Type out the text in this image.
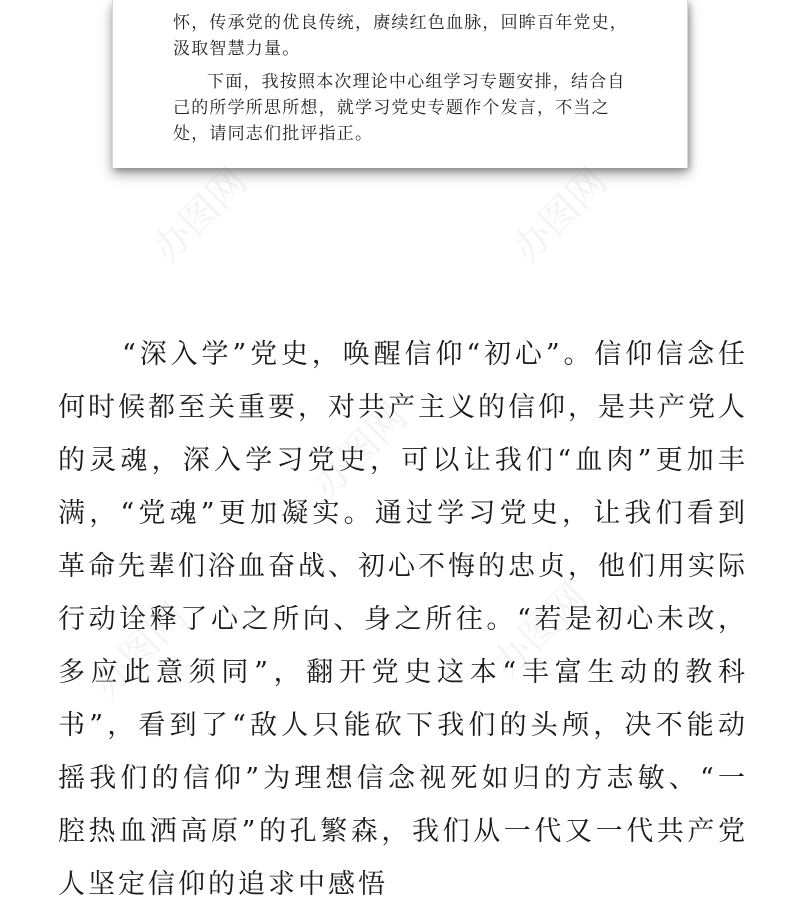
怀，传承党的优良传统，赓续红色血脉，回眸百年党史，

汲取智慧力量。

下面，我按照本次理论中心组学习专题安排，结合自己的所学所思所想，就学习党史专题作个发言，不当之处，请同志们批评指正。

“深入学”党史，唤醒信仰“初心”。信仰信念任何时候都至关重要，对共产主义的信仰，是共产党人的灵魂，深入学习党史，可以让我们“血肉”更加丰满，“党魂”更加凝实。通过学习党史，让我们看到革命先辈们浴血奋战、初心不悔的忠贞，他们用实际行动诠释了心之所向、身之所往。“若是初心未改，多应此意须同”，翻开党史这本“丰富生动的教科书”，看到了“敌人只能砍下我们的头颅，决不能动摇我们的信仰”为理想信念视死如归的方志敏、“一腔热血洒高原”的孔繁森，我们从一代又一代共产党人坚定信仰的追求中感悟

办图网	办图网
办图网
办图网	办图网
